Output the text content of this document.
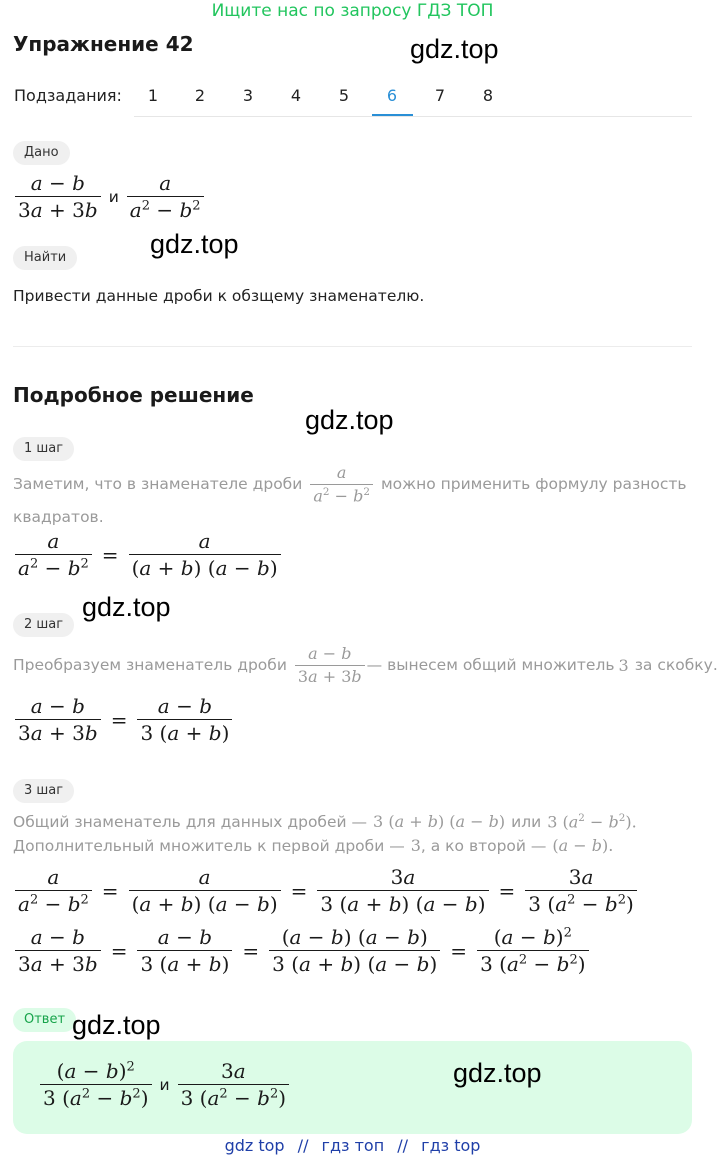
Ищите нас по запросу ГДЗ ТОП
Упражнение 42	gdz.top
Подзадания:	1	2	3	4	5	6	7	8
Дано
$\frac{a - b}{3a + 3b}$ и $\frac{a}{a^2 - b^2}$
gdz.top
Найти
Привести данные дроби к обзщему знаменателю.
Подробное решение
gdz.top
1 шаг
Заметим, что в знаменателе дроби $\frac{a}{a^2 - b^2}$ можно применить формулу разность
квадратов.
$\frac{a}{a^2 - b^2} = \frac{a}{(a + b) (a - b)}$
gdz.top
2 шаг
Преобразуем знаменатель дроби $\frac{a - b}{3a + 3b}$ — вынесем общий множитель 3 за скобку.
$\frac{a - b}{3a + 3b} = \frac{a - b}{3 (a + b)}$
3 шаг
Общий знаменатель для данных дробей — 3 (a + b) (a − b) или 3 $(a^2 - b^2)$.
Дополнительный множитель к первой дроби — 3 , а ко второй — (a − b).
$\frac{a}{a^2 - b^2} = \frac{a}{(a + b) (a - b)} = \frac{3a}{3 (a + b) (a - b)} = \frac{3a}{3 (a^2 - b^2)}$
$\frac{a - b}{3a + 3b} = \frac{a - b}{3 (a + b)} = \frac{(a - b) (a - b)}{3 (a + b) (a - b)} = \frac{(a - b)^2}{3 (a^2 - b^2)}$
Ответ gdz.top
$\frac{(a - b)^2}{3 (a^2 - b^2)}$ и $\frac{3a}{3 (a^2 - b^2)}$	gdz.top
gdz top // гдз топ // гдз top
